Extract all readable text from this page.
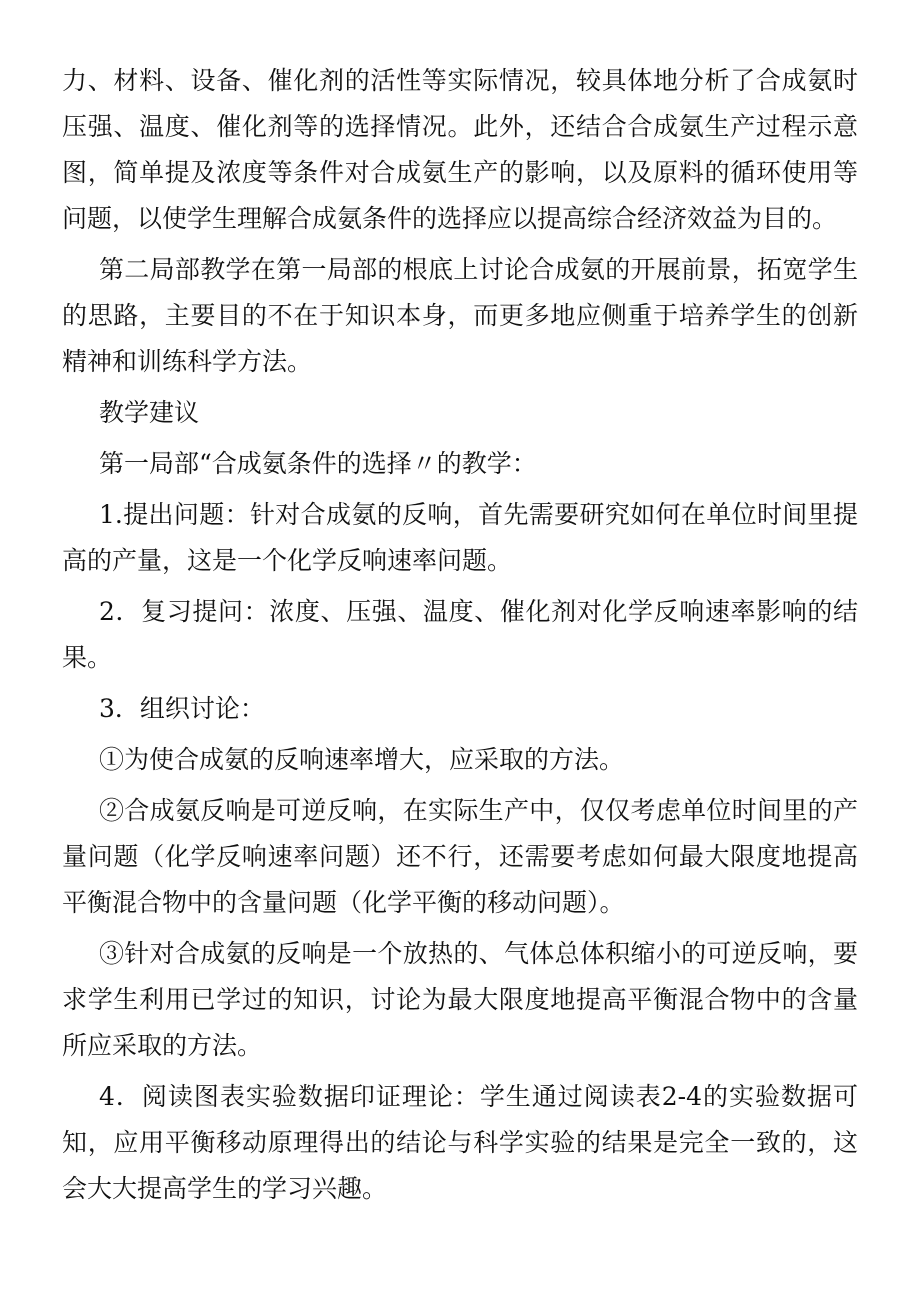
力、材料、设备、催化剂的活性等实际情况，较具体地分析了合成氨时压强、温度、催化剂等的选择情况。此外，还结合合成氨生产过程示意图，简单提及浓度等条件对合成氨生产的影响，以及原料的循环使用等问题，以使学生理解合成氨条件的选择应以提高综合经济效益为目的。

第二局部教学在第一局部的根底上讨论合成氨的开展前景，拓宽学生的思路，主要目的不在于知识本身，而更多地应侧重于培养学生的创新精神和训练科学方法。

教学建议

第一局部“合成氨条件的选择〃的教学：

1.提出问题：针对合成氨的反响，首先需要研究如何在单位时间里提高的产量，这是一个化学反响速率问题。

2．复习提问：浓度、压强、温度、催化剂对化学反响速率影响的结果。

3．组织讨论：

①为使合成氨的反响速率增大，应采取的方法。

②合成氨反响是可逆反响，在实际生产中，仅仅考虑单位时间里的产量问题（化学反响速率问题）还不行，还需要考虑如何最大限度地提高平衡混合物中的含量问题（化学平衡的移动问题）。

③针对合成氨的反响是一个放热的、气体总体积缩小的可逆反响，要求学生利用已学过的知识，讨论为最大限度地提高平衡混合物中的含量所应采取的方法。

4．阅读图表实验数据印证理论：学生通过阅读表2-4的实验数据可知，应用平衡移动原理得出的结论与科学实验的结果是完全一致的，这会大大提高学生的学习兴趣。
